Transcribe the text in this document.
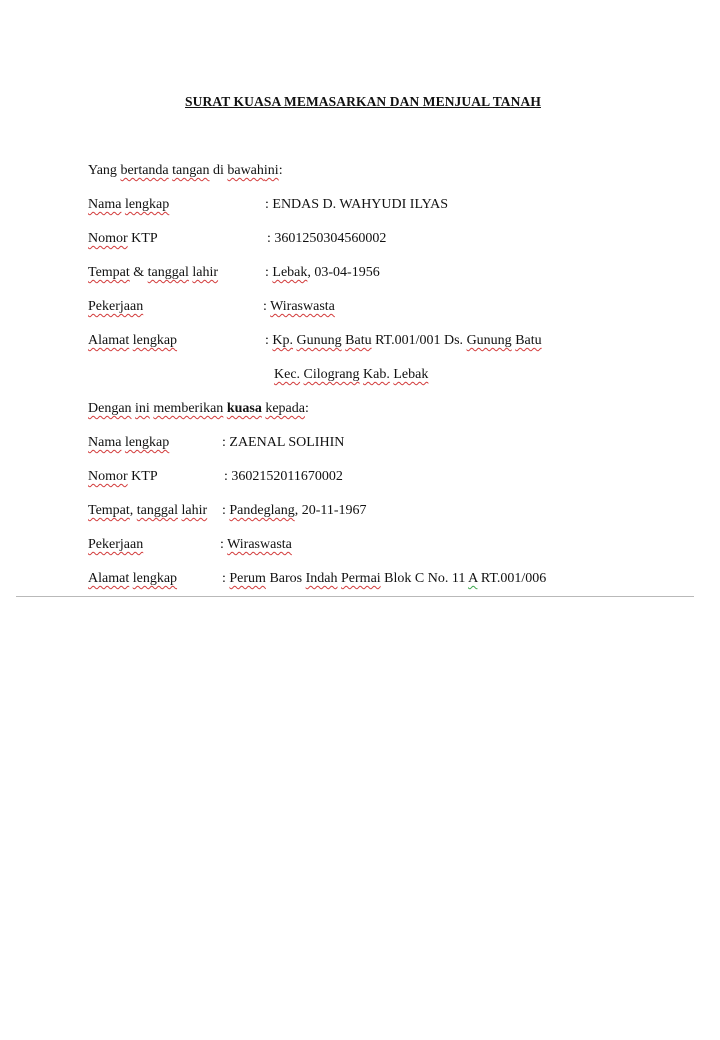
SURAT KUASA MEMASARKAN DAN MENJUAL TANAH
Yang bertanda tangan di bawahini:
Nama lengkap	: ENDAS D. WAHYUDI ILYAS
Nomor KTP	: 3601250304560002
Tempat & tanggal lahir	: Lebak, 03-04-1956
Pekerjaan	: Wiraswasta
Alamat lengkap	: Kp. Gunung Batu RT.001/001 Ds. Gunung Batu
Kec. Cilograng Kab. Lebak
Dengan ini memberikan kuasa kepada:
Nama lengkap	: ZAENAL SOLIHIN
Nomor KTP	: 3602152011670002
Tempat, tanggal lahir : Pandeglang, 20-11-1967
Pekerjaan	: Wiraswasta
Alamat lengkap	: Perum Baros Indah Permai Blok C No. 11 A RT.001/006
